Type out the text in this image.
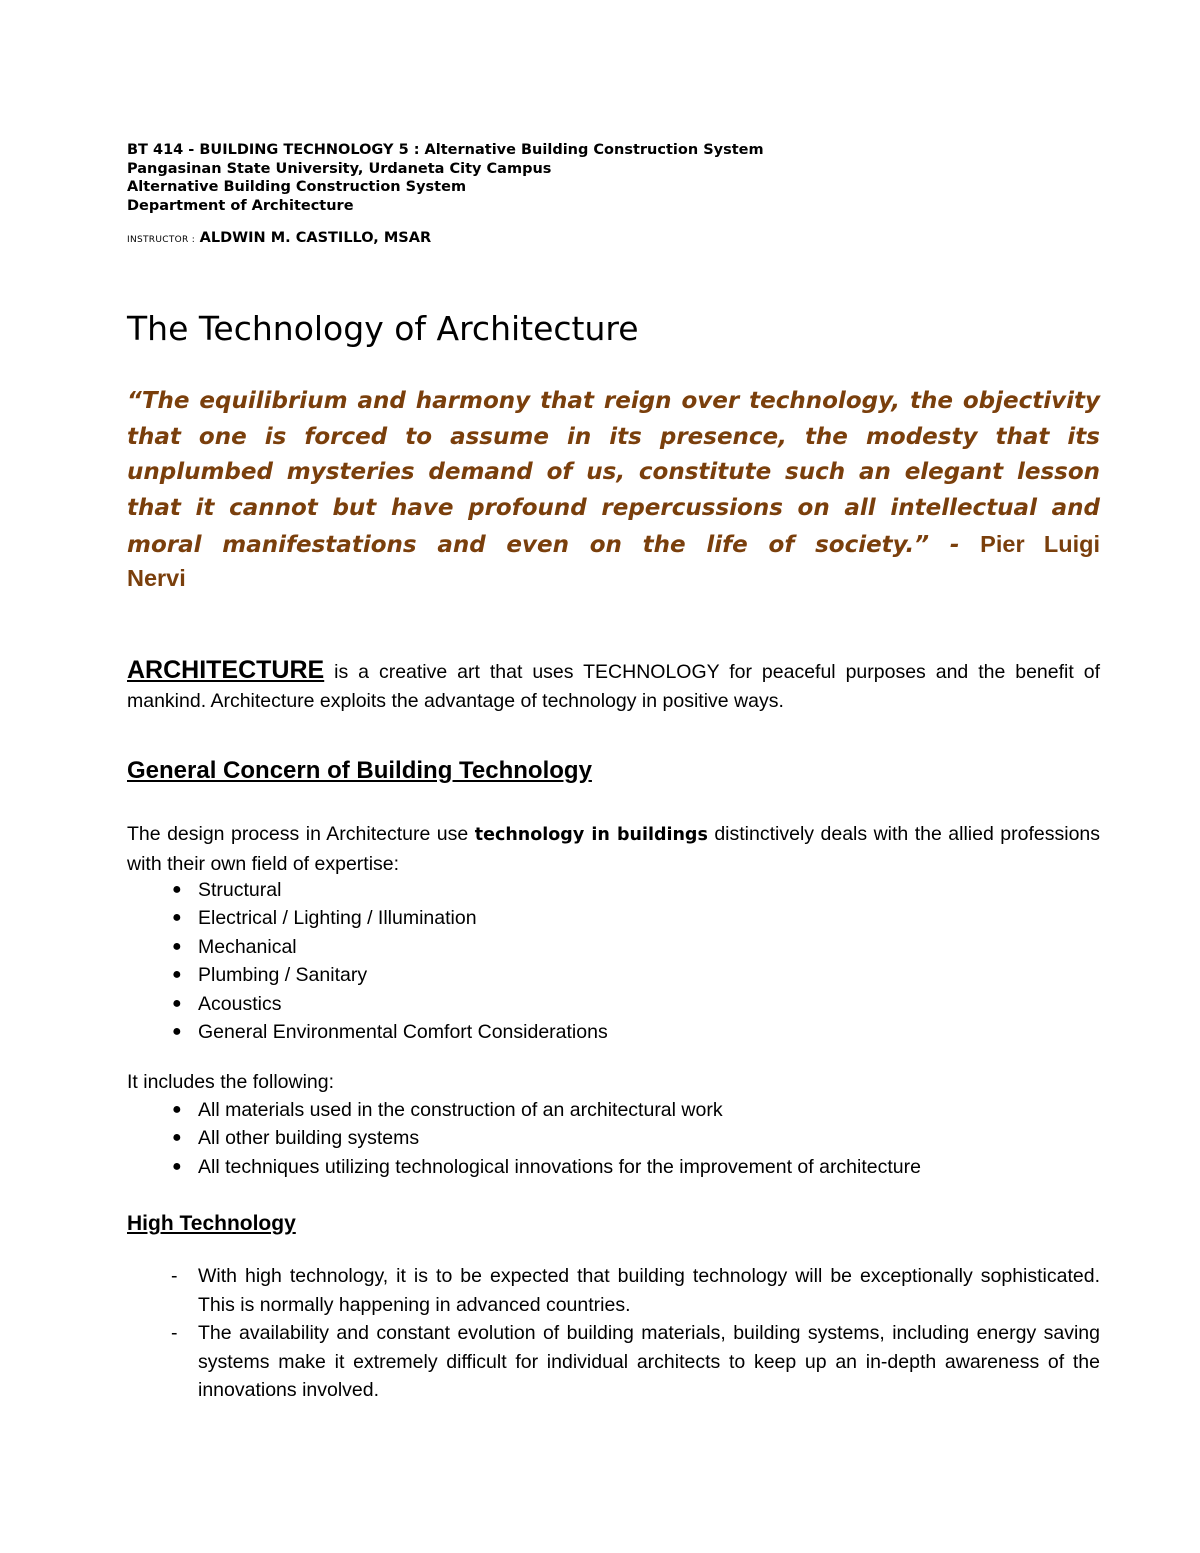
BT 414 - BUILDING TECHNOLOGY 5 : Alternative Building Construction System
Pangasinan State University, Urdaneta City Campus
Alternative Building Construction System
Department of Architecture
INSTRUCTOR : ALDWIN M. CASTILLO, MSAR
The Technology of Architecture
“The equilibrium and harmony that reign over technology, the objectivity that one is forced to assume in its presence, the modesty that its unplumbed mysteries demand of us, constitute such an elegant lesson that it cannot but have profound repercussions on all intellectual and moral manifestations and even on the life of society.” - Pier Luigi
Nervi
ARCHITECTURE is a creative art that uses TECHNOLOGY for peaceful purposes and the benefit of mankind. Architecture exploits the advantage of technology in positive ways.
General Concern of Building Technology
The design process in Architecture use technology in buildings distinctively deals with the allied professions with their own field of expertise:
● Structural
● Electrical / Lighting / Illumination
● Mechanical
● Plumbing / Sanitary
● Acoustics
● General Environmental Comfort Considerations
It includes the following:
● All materials used in the construction of an architectural work
● All other building systems
● All techniques utilizing technological innovations for the improvement of architecture
High Technology
- With high technology, it is to be expected that building technology will be exceptionally sophisticated. This is normally happening in advanced countries.
- The availability and constant evolution of building materials, building systems, including energy saving systems make it extremely difficult for individual architects to keep up an in-depth awareness of the innovations involved.
